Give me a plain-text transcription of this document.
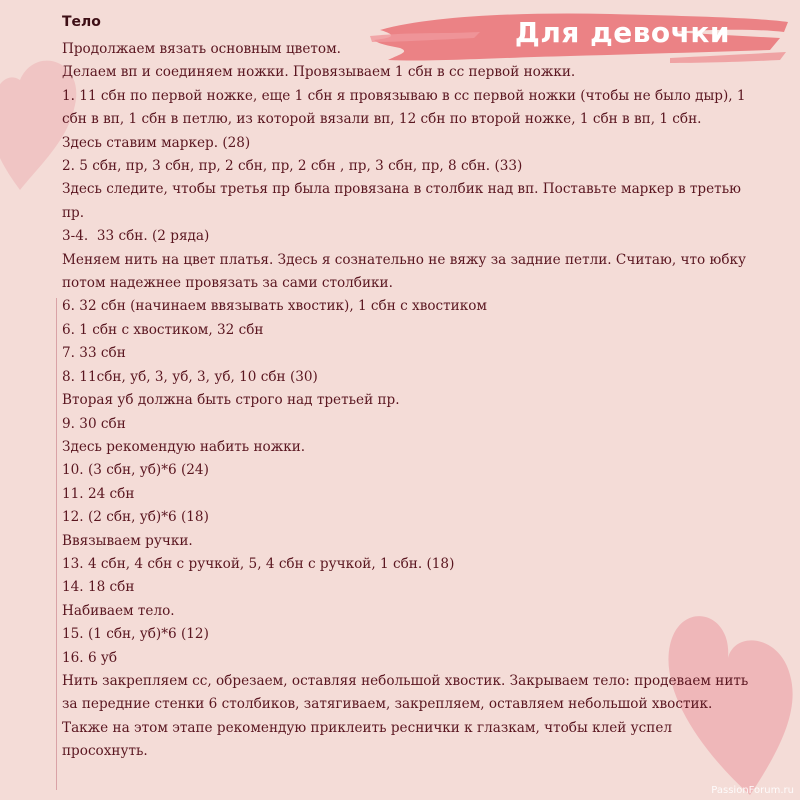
Для девочки
Тело

Продолжаем вязать основным цветом.

Делаем вп и соединяем ножки. Провязываем 1 сбн в сс первой ножки.

1. 11 сбн по первой ножке, еще 1 сбн я провязываю в сс первой ножки (чтобы не было дыр), 1 сбн в вп, 1 сбн в петлю, из которой вязали вп, 12 сбн по второй ножке, 1 сбн в вп, 1 сбн.

Здесь ставим маркер. (28)

2. 5 сбн, пр, 3 сбн, пр, 2 сбн, пр, 2 сбн , пр, 3 сбн, пр, 8 сбн. (33)

Здесь следите, чтобы третья пр была провязана в столбик над вп. Поставьте маркер в третью пр.

3-4.  33 сбн. (2 ряда)

Меняем нить на цвет платья. Здесь я сознательно не вяжу за задние петли. Считаю, что юбку потом надежнее провязать за сами столбики.

6. 32 сбн (начинаем ввязывать хвостик), 1 сбн с хвостиком

6. 1 сбн с хвостиком, 32 сбн

7. 33 сбн

8. 11сбн, уб, 3, уб, 3, уб, 10 сбн (30)

Вторая уб должна быть строго над третьей пр.

9. 30 сбн

Здесь рекомендую набить ножки.

10. (3 сбн, уб)*6 (24)

11. 24 сбн

12. (2 сбн, уб)*6 (18)

Ввязываем ручки.

13. 4 сбн, 4 сбн с ручкой, 5, 4 сбн с ручкой, 1 сбн. (18)

14. 18 сбн

Набиваем тело.

15. (1 сбн, уб)*6 (12)

16. 6 уб

Нить закрепляем сс, обрезаем, оставляя небольшой хвостик. Закрываем тело: продеваем нить за передние стенки 6 столбиков, затягиваем, закрепляем, оставляем небольшой хвостик.

Также на этом этапе рекомендую приклеить реснички к глазкам, чтобы клей успел просохнуть.

PassionForum.ru
